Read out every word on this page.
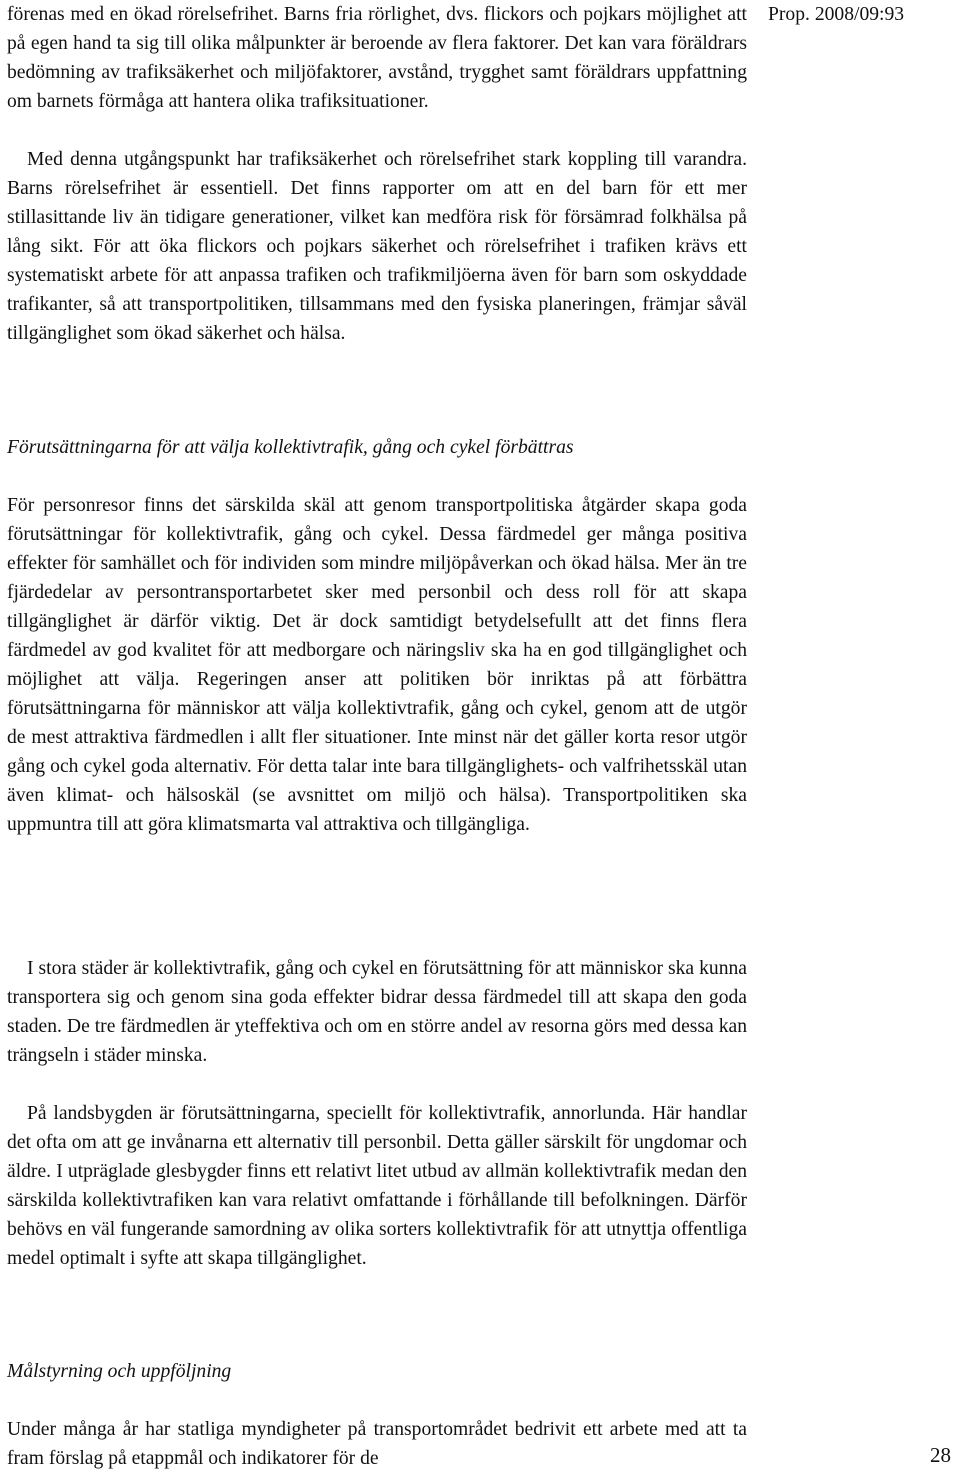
förenas med en ökad rörelsefrihet. Barns fria rörlighet, dvs. flickors och pojkars möjlighet att på egen hand ta sig till olika målpunkter är beroende av flera faktorer. Det kan vara föräldrars bedömning av trafiksäkerhet och miljöfaktorer, avstånd, trygghet samt föräldrars uppfattning om barnets förmåga att hantera olika trafiksituationer.

Med denna utgångspunkt har trafiksäkerhet och rörelsefrihet stark koppling till varandra. Barns rörelsefrihet är essentiell. Det finns rapporter om att en del barn för ett mer stillasittande liv än tidigare generationer, vilket kan medföra risk för försämrad folkhälsa på lång sikt. För att öka flickors och pojkars säkerhet och rörelsefrihet i trafiken krävs ett systematiskt arbete för att anpassa trafiken och trafikmiljöerna även för barn som oskyddade trafikanter, så att transportpolitiken, tillsammans med den fysiska planeringen, främjar såväl tillgänglighet som ökad säkerhet och hälsa.

Förutsättningarna för att välja kollektivtrafik, gång och cykel förbättras

För personresor finns det särskilda skäl att genom transportpolitiska åtgärder skapa goda förutsättningar för kollektivtrafik, gång och cykel. Dessa färdmedel ger många positiva effekter för samhället och för individen som mindre miljöpåverkan och ökad hälsa. Mer än tre fjärdedelar av persontransportarbetet sker med personbil och dess roll för att skapa tillgänglighet är därför viktig. Det är dock samtidigt betydelsefullt att det finns flera färdmedel av god kvalitet för att medborgare och näringsliv ska ha en god tillgänglighet och möjlighet att välja. Regeringen anser att politiken bör inriktas på att förbättra förutsättningarna för människor att välja kollektivtrafik, gång och cykel, genom att de utgör de mest attraktiva färdmedlen i allt fler situationer. Inte minst när det gäller korta resor utgör gång och cykel goda alternativ. För detta talar inte bara tillgänglighets- och valfrihetsskäl utan även klimat- och hälsoskäl (se avsnittet om miljö och hälsa). Transportpolitiken ska uppmuntra till att göra klimatsmarta val attraktiva och tillgängliga.

I stora städer är kollektivtrafik, gång och cykel en förutsättning för att människor ska kunna transportera sig och genom sina goda effekter bidrar dessa färdmedel till att skapa den goda staden. De tre färdmedlen är yteffektiva och om en större andel av resorna görs med dessa kan trängseln i städer minska.

På landsbygden är förutsättningarna, speciellt för kollektivtrafik, annorlunda. Här handlar det ofta om att ge invånarna ett alternativ till personbil. Detta gäller särskilt för ungdomar och äldre. I utpräglade glesbygder finns ett relativt litet utbud av allmän kollektivtrafik medan den särskilda kollektivtrafiken kan vara relativt omfattande i förhållande till befolkningen. Därför behövs en väl fungerande samordning av olika sorters kollektivtrafik för att utnyttja offentliga medel optimalt i syfte att skapa tillgänglighet.

Målstyrning och uppföljning

Under många år har statliga myndigheter på transportområdet bedrivit ett arbete med att ta fram förslag på etappmål och indikatorer för de

Prop. 2008/09:93
28
